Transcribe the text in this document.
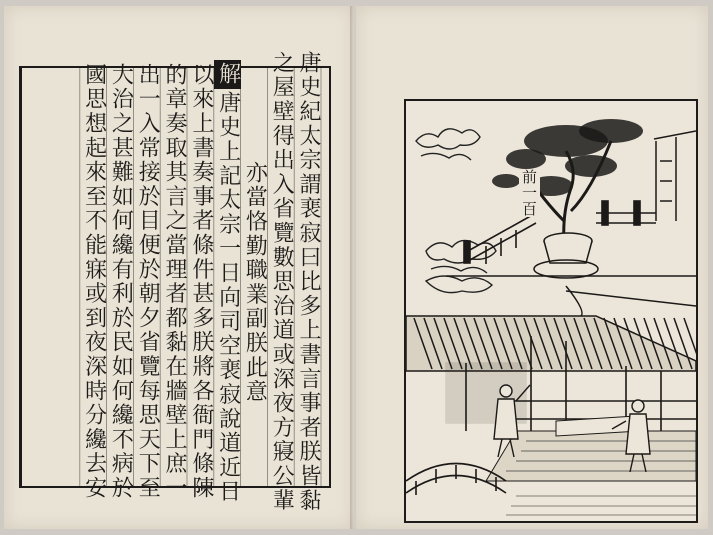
唐史紀太宗謂裵寂曰比多上書言事者朕皆黏
之屋壁得出入省覽數思治道或深夜方寢公輩
亦當恪勤職業副朕此意
解
唐史上記太宗一日向司空裵寂說道近日
以來上書奏事者條件甚多朕將各衙門條陳
的章奏取其言之當理者都黏在牆壁上庶一
出一入常接於目便於朝夕省覽每思天下至
大治之甚難如何纔有利於民如何纔不病於
國思想起來至不能寐或到夜深時分纔去安	前一百
